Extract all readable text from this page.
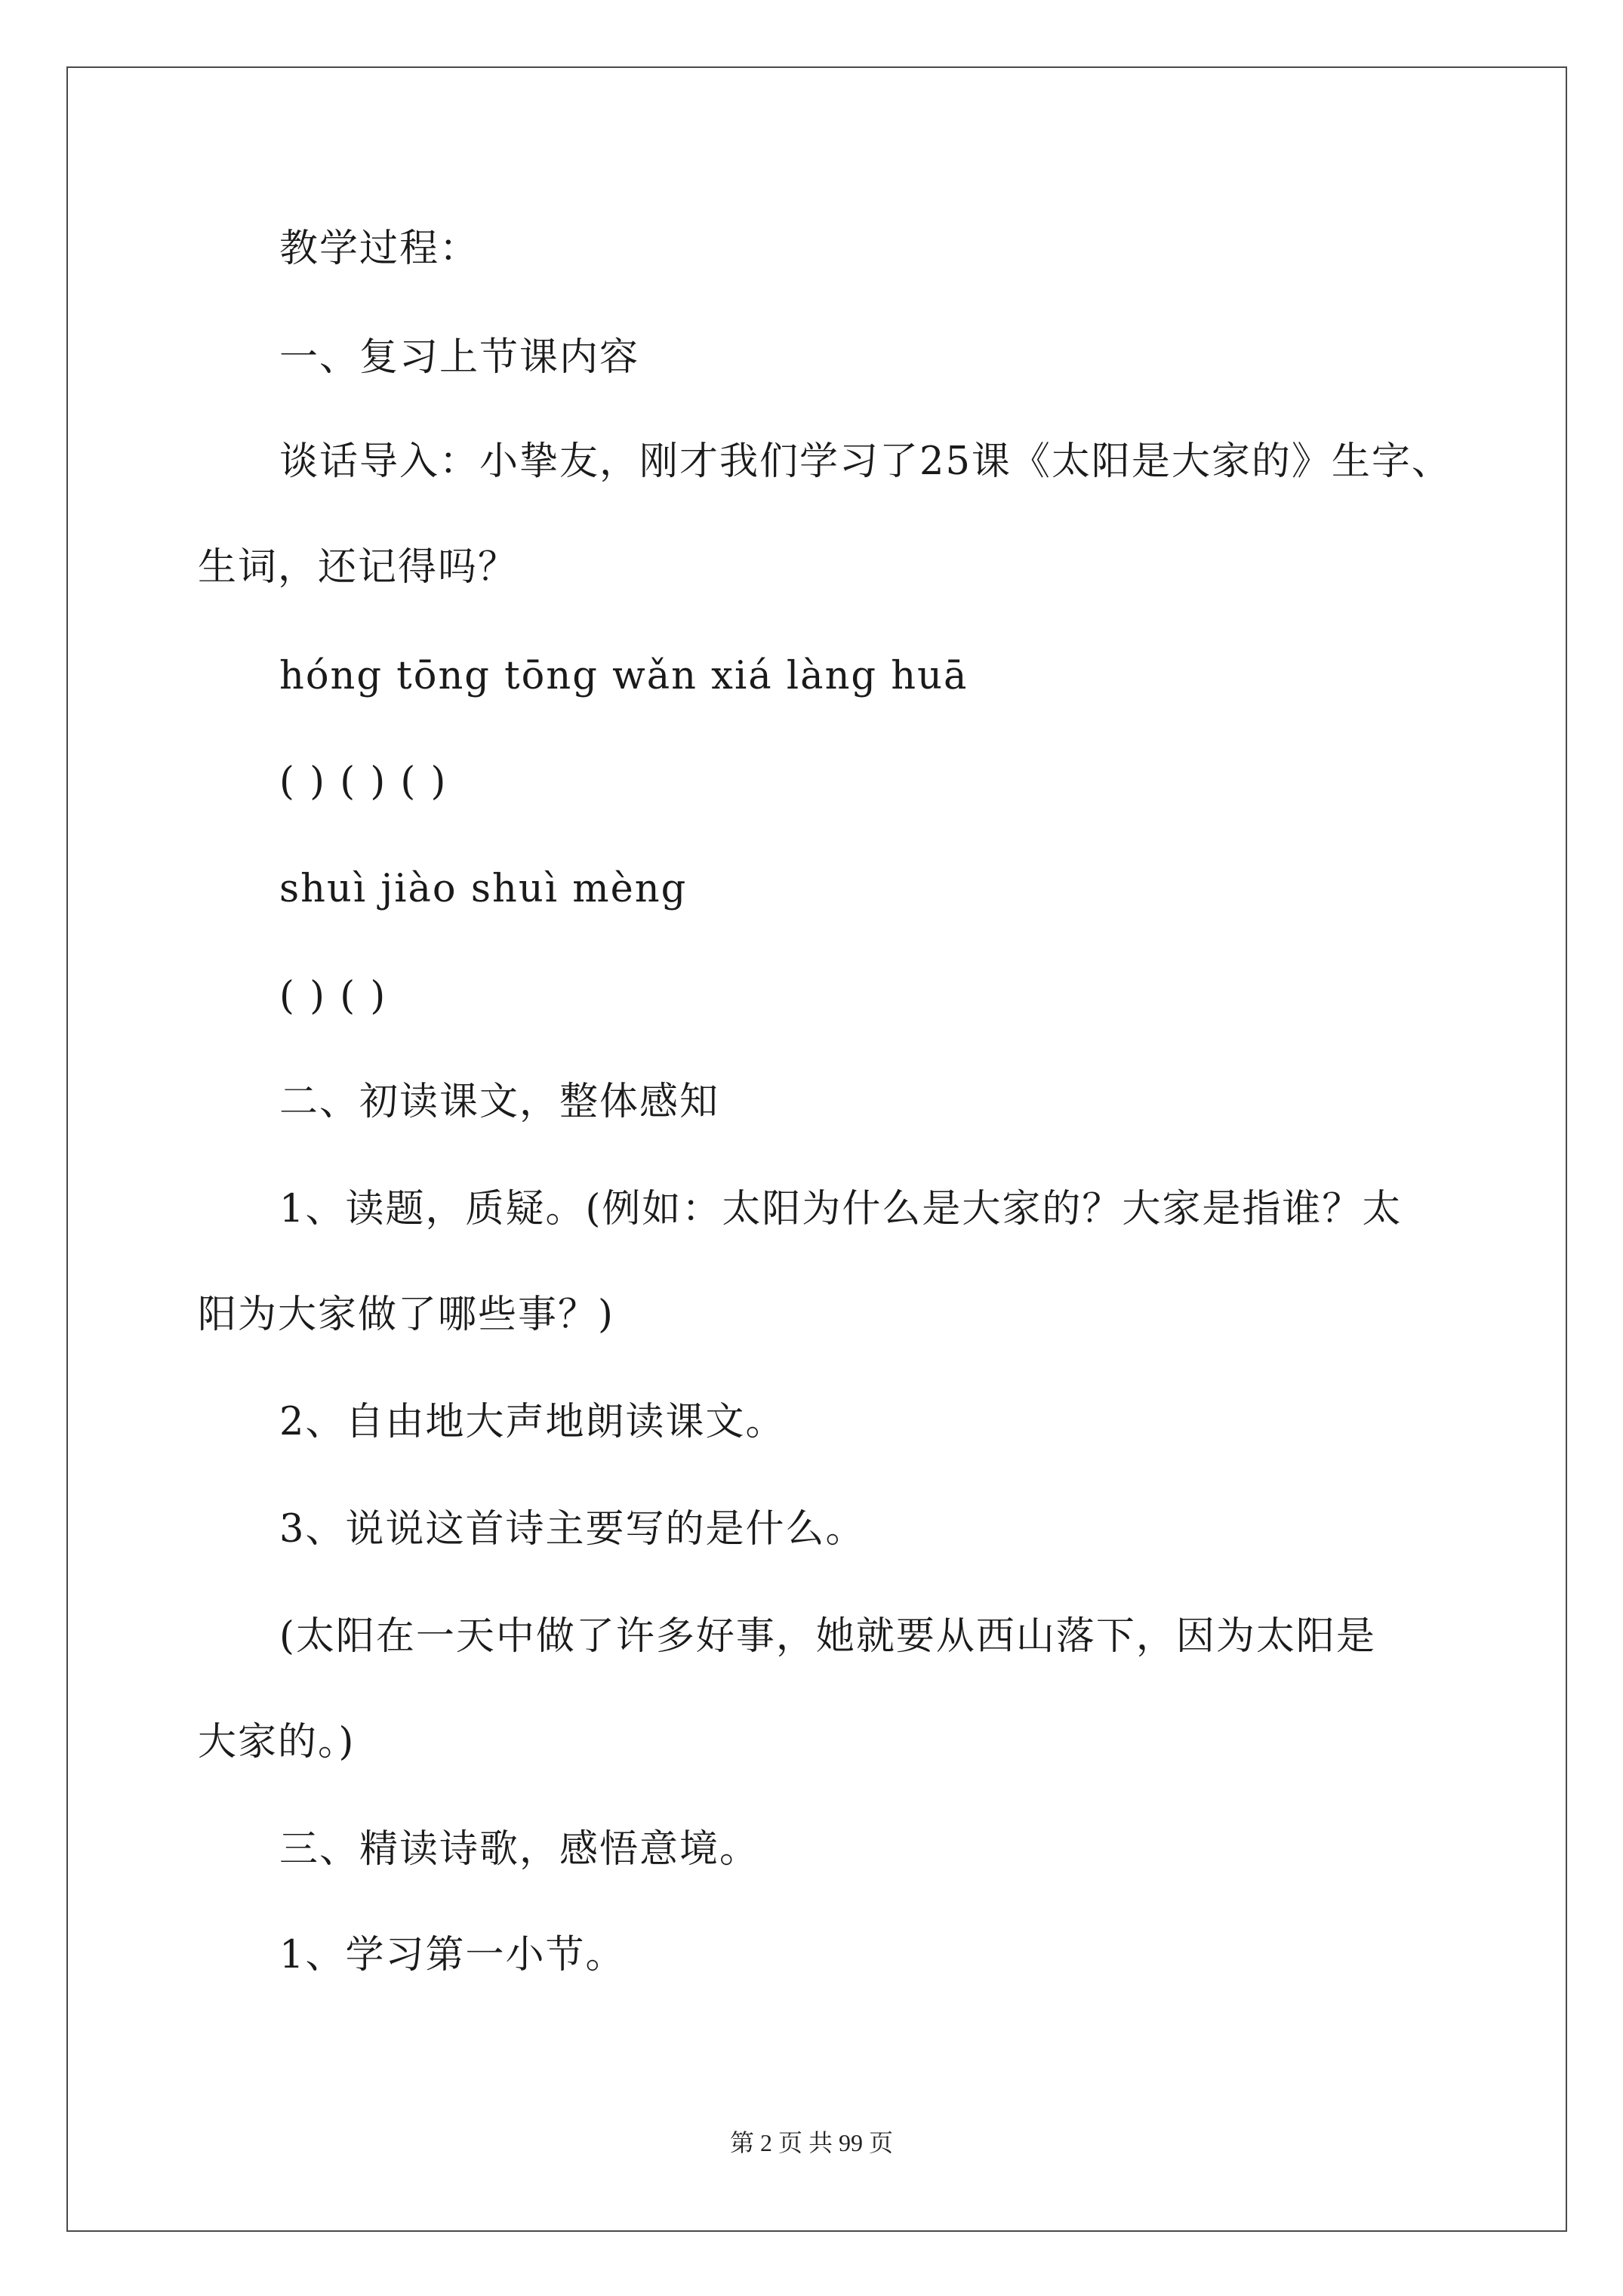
教学过程：
一、复习上节课内容
谈话导入：小挚友，刚才我们学习了25课《太阳是大家的》生字、
生词，还记得吗？
hóng tōng tōng wǎn xiá làng huā
( ) ( ) ( )
shuì jiào shuì mèng
( ) ( )
二、初读课文，整体感知
1、读题，质疑。(例如：太阳为什么是大家的？大家是指谁？太
阳为大家做了哪些事？)
2、自由地大声地朗读课文。
3、说说这首诗主要写的是什么。
(太阳在一天中做了许多好事，她就要从西山落下，因为太阳是
大家的。)
三、精读诗歌，感悟意境。
1、学习第一小节。
第 2 页 共 99 页
